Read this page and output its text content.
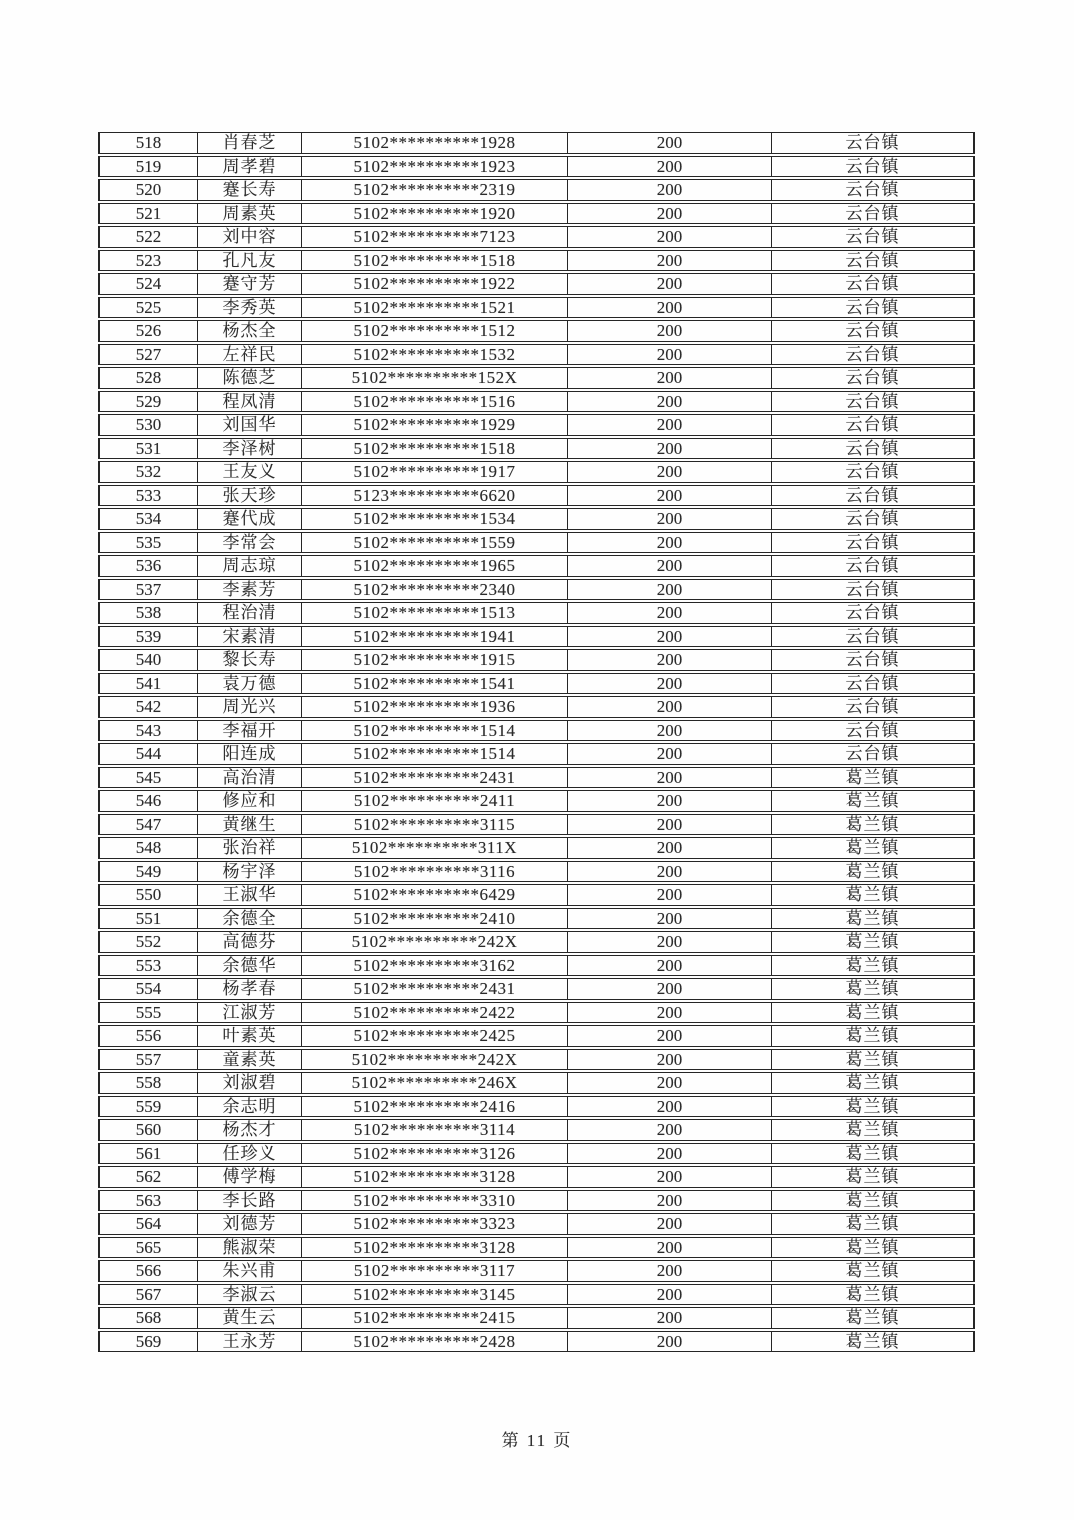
518	肖春芝	5102**********1928	200	云台镇
519	周孝碧	5102**********1923	200	云台镇
520	蹇长寿	5102**********2319	200	云台镇
521	周素英	5102**********1920	200	云台镇
522	刘中容	5102**********7123	200	云台镇
523	孔凡友	5102**********1518	200	云台镇
524	蹇守芳	5102**********1922	200	云台镇
525	李秀英	5102**********1521	200	云台镇
526	杨杰全	5102**********1512	200	云台镇
527	左祥民	5102**********1532	200	云台镇
528	陈德芝	5102**********152X	200	云台镇
529	程凤清	5102**********1516	200	云台镇
530	刘国华	5102**********1929	200	云台镇
531	李泽树	5102**********1518	200	云台镇
532	王友义	5102**********1917	200	云台镇
533	张天珍	5123**********6620	200	云台镇
534	蹇代成	5102**********1534	200	云台镇
535	李常会	5102**********1559	200	云台镇
536	周志琼	5102**********1965	200	云台镇
537	李素芳	5102**********2340	200	云台镇
538	程治清	5102**********1513	200	云台镇
539	宋素清	5102**********1941	200	云台镇
540	黎长寿	5102**********1915	200	云台镇
541	袁万德	5102**********1541	200	云台镇
542	周光兴	5102**********1936	200	云台镇
543	李福开	5102**********1514	200	云台镇
544	阳连成	5102**********1514	200	云台镇
545	高治清	5102**********2431	200	葛兰镇
546	修应和	5102**********2411	200	葛兰镇
547	黄继生	5102**********3115	200	葛兰镇
548	张治祥	5102**********311X	200	葛兰镇
549	杨宇泽	5102**********3116	200	葛兰镇
550	王淑华	5102**********6429	200	葛兰镇
551	余德全	5102**********2410	200	葛兰镇
552	高德芬	5102**********242X	200	葛兰镇
553	余德华	5102**********3162	200	葛兰镇
554	杨孝春	5102**********2431	200	葛兰镇
555	江淑芳	5102**********2422	200	葛兰镇
556	叶素英	5102**********2425	200	葛兰镇
557	童素英	5102**********242X	200	葛兰镇
558	刘淑碧	5102**********246X	200	葛兰镇
559	余志明	5102**********2416	200	葛兰镇
560	杨杰才	5102**********3114	200	葛兰镇
561	任珍义	5102**********3126	200	葛兰镇
562	傅学梅	5102**********3128	200	葛兰镇
563	李长路	5102**********3310	200	葛兰镇
564	刘德芳	5102**********3323	200	葛兰镇
565	熊淑荣	5102**********3128	200	葛兰镇
566	朱兴甫	5102**********3117	200	葛兰镇
567	李淑云	5102**********3145	200	葛兰镇
568	黄生云	5102**********2415	200	葛兰镇
569	王永芳	5102**********2428	200	葛兰镇
第 11 页
